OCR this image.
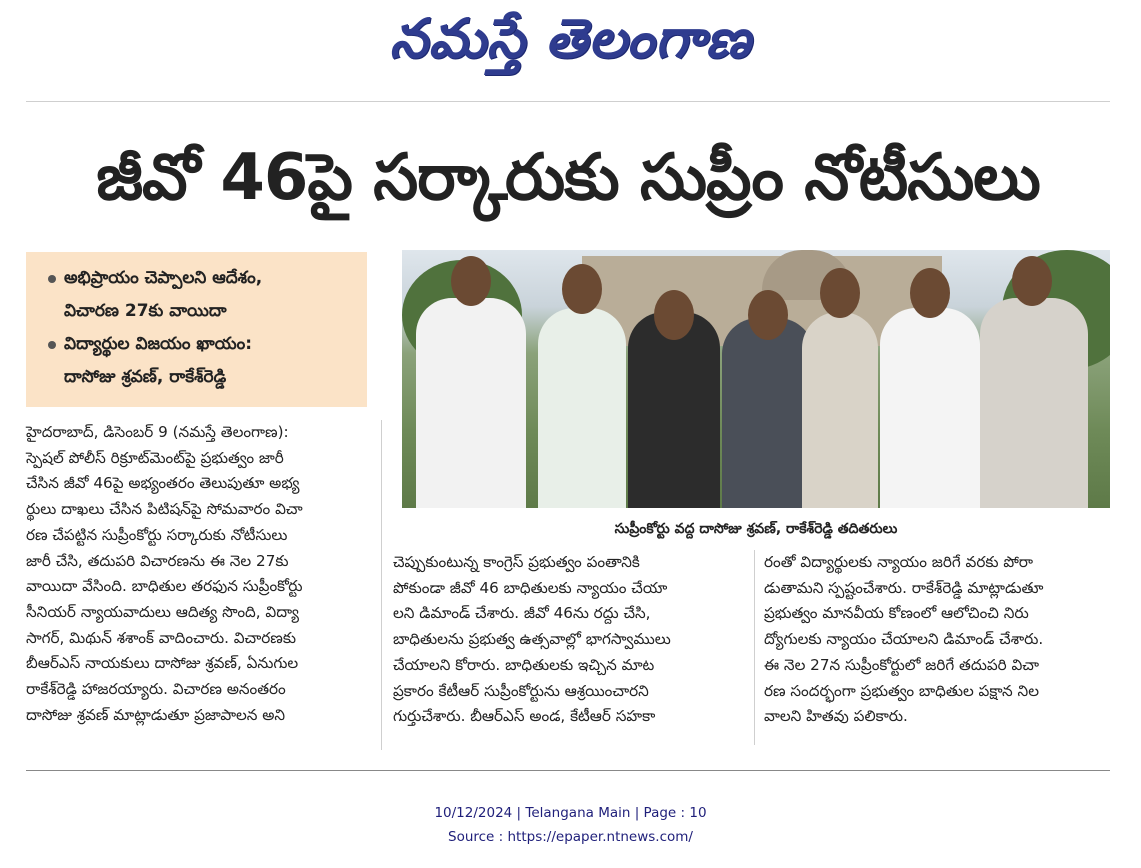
నమస్తే తెలంగాణ
జీవో 46పై సర్కారుకు సుప్రీం నోటీసులు
అభిప్రాయం చెప్పాలని ఆదేశం,
విచారణ 27కు వాయిదా
విద్యార్థుల విజయం ఖాయం:
దాసోజు శ్రవణ్, రాకేశ్‌రెడ్డి
సుప్రీంకోర్టు వద్ద దాసోజు శ్రవణ్, రాకేశ్‌రెడ్డి తదితరులు

హైదరాబాద్, డిసెంబర్ 9 (నమస్తే తెలంగాణ):

స్పెషల్ పోలీస్ రిక్రూట్‌మెంట్‌పై ప్రభుత్వం జారీ

చేసిన జీవో 46పై అభ్యంతరం తెలుపుతూ అభ్య

ర్థులు దాఖలు చేసిన పిటిషన్‌పై సోమవారం విచా

రణ చేపట్టిన సుప్రీంకోర్టు సర్కారుకు నోటీసులు

జారీ చేసి, తదుపరి విచారణను ఈ నెల 27కు

వాయిదా వేసింది. బాధితుల తరఫున సుప్రీంకోర్టు

సీనియర్ న్యాయవాదులు ఆదిత్య సొంది, విద్యా

సాగర్, మిథున్ శశాంక్ వాదించారు. విచారణకు

బీఆర్‌ఎస్ నాయకులు దాసోజు శ్రవణ్, ఏనుగుల

రాకేశ్‌రెడ్డి హాజరయ్యారు. విచారణ అనంతరం

దాసోజు శ్రవణ్ మాట్లాడుతూ ప్రజాపాలన అని

చెప్పుకుంటున్న కాంగ్రెస్ ప్రభుత్వం పంతానికి

పోకుండా జీవో 46 బాధితులకు న్యాయం చేయా

లని డిమాండ్ చేశారు. జీవో 46ను రద్దు చేసి,

బాధితులను ప్రభుత్వ ఉత్సవాల్లో భాగస్వాములు

చేయాలని కోరారు. బాధితులకు ఇచ్చిన మాట

ప్రకారం కేటీఆర్ సుప్రీంకోర్టును ఆశ్రయించారని

గుర్తుచేశారు. బీఆర్‌ఎస్ అండ, కేటీఆర్ సహకా

రంతో విద్యార్థులకు న్యాయం జరిగే వరకు పోరా

డుతామని స్పష్టంచేశారు. రాకేశ్‌రెడ్డి మాట్లాడుతూ

ప్రభుత్వం మానవీయ కోణంలో ఆలోచించి నిరు

ద్యోగులకు న్యాయం చేయాలని డిమాండ్ చేశారు.

ఈ నెల 27న సుప్రీంకోర్టులో జరిగే తదుపరి విచా

రణ సందర్భంగా ప్రభుత్వం బాధితుల పక్షాన నిల

వాలని హితవు పలికారు.

10/12/2024 | Telangana Main | Page : 10
Source : https://epaper.ntnews.com/
